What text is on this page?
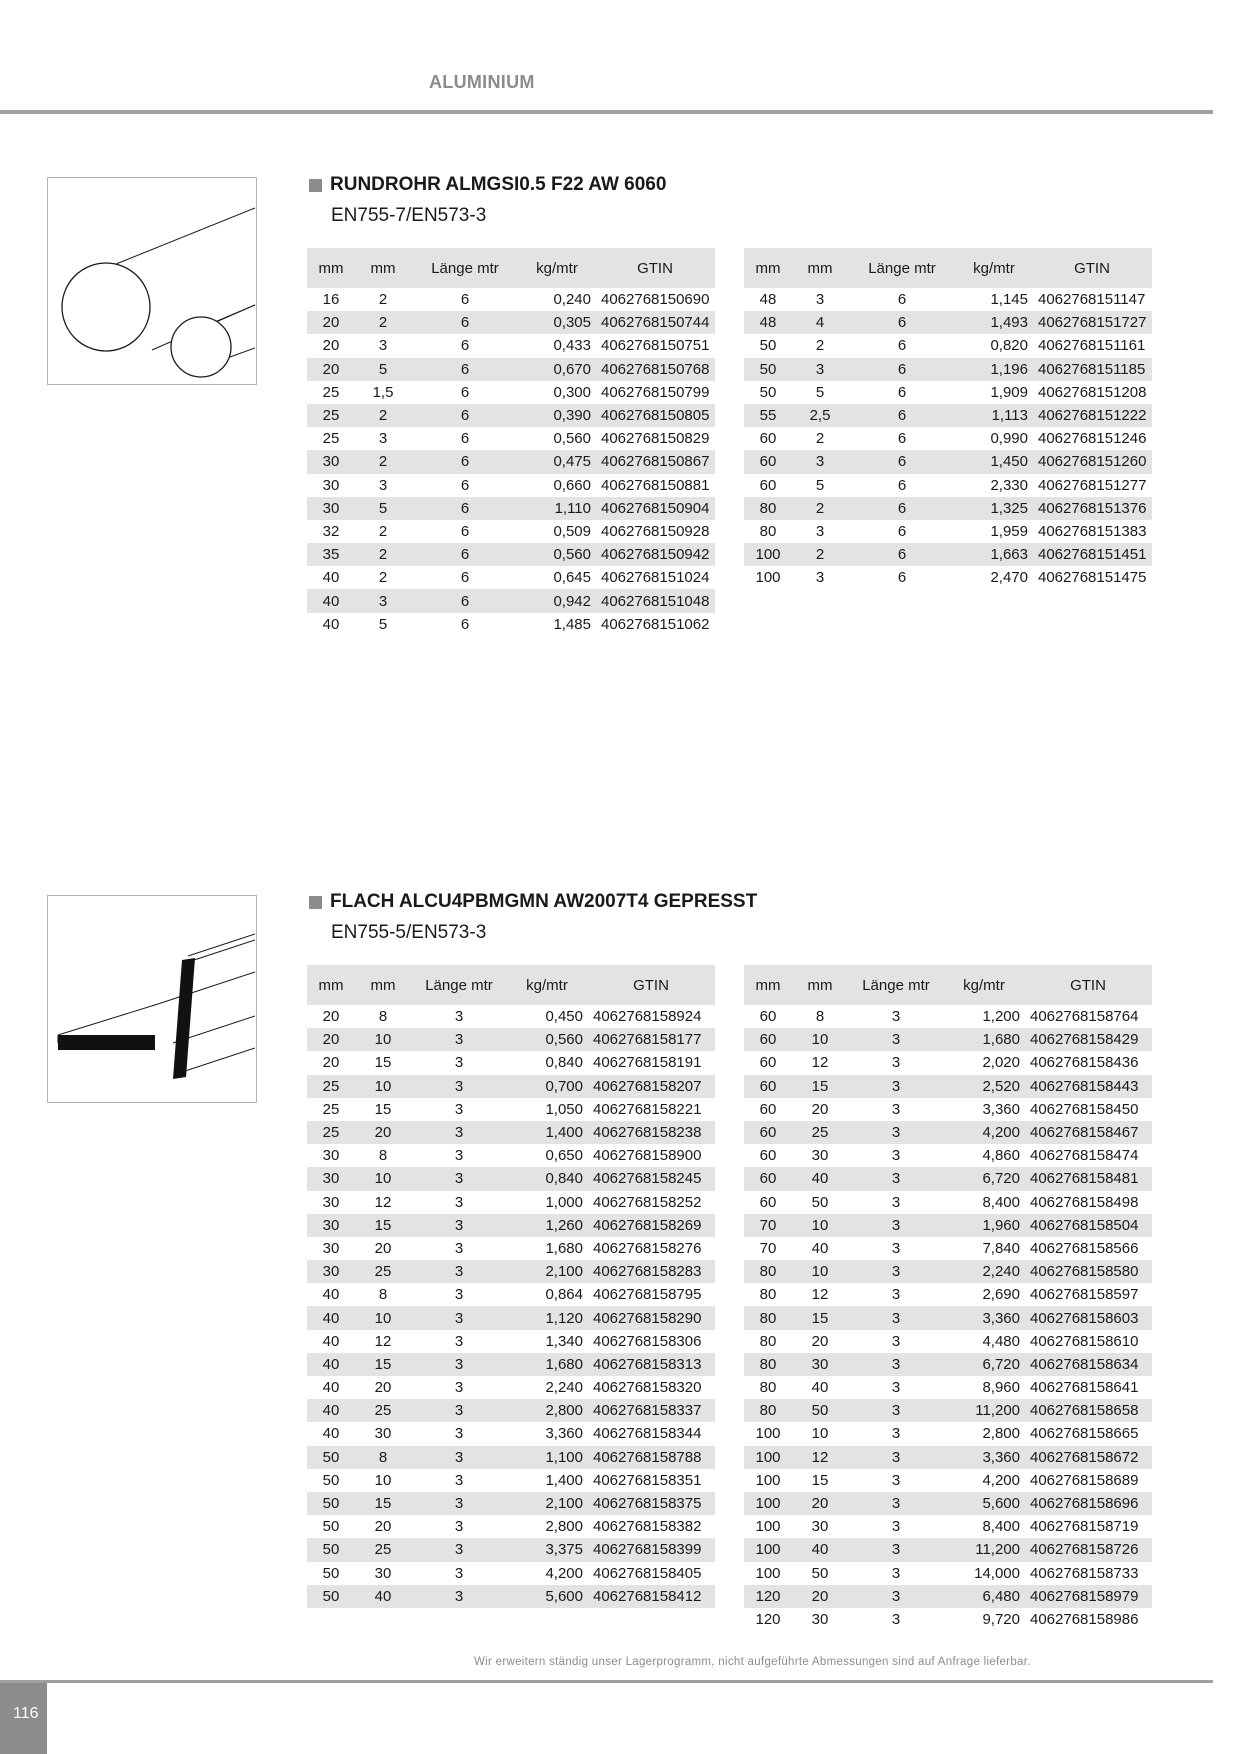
ALUMINIUM
RUNDROHR ALMGSI0.5 F22 AW 6060
EN755-7/EN573-3
mm	mm	Länge mtr	kg/mtr	GTIN
16	2	6	0,240	4062768150690
20	2	6	0,305	4062768150744
20	3	6	0,433	4062768150751
20	5	6	0,670	4062768150768
25	1,5	6	0,300	4062768150799
25	2	6	0,390	4062768150805
25	3	6	0,560	4062768150829
30	2	6	0,475	4062768150867
30	3	6	0,660	4062768150881
30	5	6	1,110	4062768150904
32	2	6	0,509	4062768150928
35	2	6	0,560	4062768150942
40	2	6	0,645	4062768151024
40	3	6	0,942	4062768151048
40	5	6	1,485	4062768151062
mm	mm	Länge mtr	kg/mtr	GTIN
48	3	6	1,145	4062768151147
48	4	6	1,493	4062768151727
50	2	6	0,820	4062768151161
50	3	6	1,196	4062768151185
50	5	6	1,909	4062768151208
55	2,5	6	1,113	4062768151222
60	2	6	0,990	4062768151246
60	3	6	1,450	4062768151260
60	5	6	2,330	4062768151277
80	2	6	1,325	4062768151376
80	3	6	1,959	4062768151383
100	2	6	1,663	4062768151451
100	3	6	2,470	4062768151475
FLACH ALCU4PBMGMN AW2007T4 GEPRESST
EN755-5/EN573-3
mm	mm	Länge mtr	kg/mtr	GTIN
20	8	3	0,450	4062768158924
20	10	3	0,560	4062768158177
20	15	3	0,840	4062768158191
25	10	3	0,700	4062768158207
25	15	3	1,050	4062768158221
25	20	3	1,400	4062768158238
30	8	3	0,650	4062768158900
30	10	3	0,840	4062768158245
30	12	3	1,000	4062768158252
30	15	3	1,260	4062768158269
30	20	3	1,680	4062768158276
30	25	3	2,100	4062768158283
40	8	3	0,864	4062768158795
40	10	3	1,120	4062768158290
40	12	3	1,340	4062768158306
40	15	3	1,680	4062768158313
40	20	3	2,240	4062768158320
40	25	3	2,800	4062768158337
40	30	3	3,360	4062768158344
50	8	3	1,100	4062768158788
50	10	3	1,400	4062768158351
50	15	3	2,100	4062768158375
50	20	3	2,800	4062768158382
50	25	3	3,375	4062768158399
50	30	3	4,200	4062768158405
50	40	3	5,600	4062768158412
mm	mm	Länge mtr	kg/mtr	GTIN
60	8	3	1,200	4062768158764
60	10	3	1,680	4062768158429
60	12	3	2,020	4062768158436
60	15	3	2,520	4062768158443
60	20	3	3,360	4062768158450
60	25	3	4,200	4062768158467
60	30	3	4,860	4062768158474
60	40	3	6,720	4062768158481
60	50	3	8,400	4062768158498
70	10	3	1,960	4062768158504
70	40	3	7,840	4062768158566
80	10	3	2,240	4062768158580
80	12	3	2,690	4062768158597
80	15	3	3,360	4062768158603
80	20	3	4,480	4062768158610
80	30	3	6,720	4062768158634
80	40	3	8,960	4062768158641
80	50	3	11,200	4062768158658
100	10	3	2,800	4062768158665
100	12	3	3,360	4062768158672
100	15	3	4,200	4062768158689
100	20	3	5,600	4062768158696
100	30	3	8,400	4062768158719
100	40	3	11,200	4062768158726
100	50	3	14,000	4062768158733
120	20	3	6,480	4062768158979
120	30	3	9,720	4062768158986
Wir erweitern ständig unser Lagerprogramm, nicht aufgeführte Abmessungen sind auf Anfrage lieferbar.
116
